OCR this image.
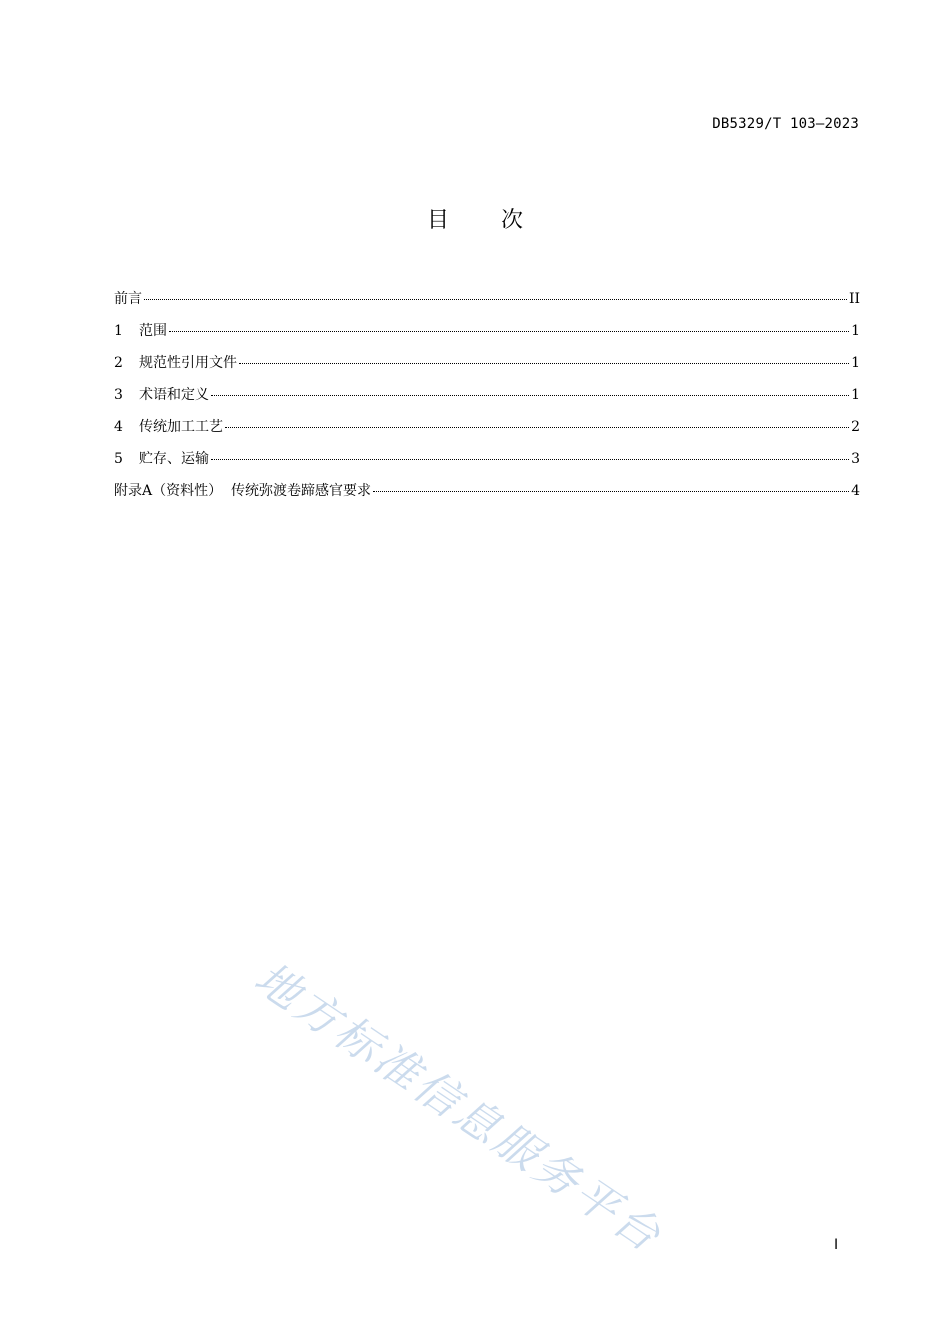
DB5329/T 103—2023
目 次
前言	II
1	范围	1
2	规范性引用文件	1
3	术语和定义	1
4	传统加工工艺	2
5	贮存、运输	3
附录A（资料性）  传统弥渡卷蹄感官要求	4
地方标准信息服务平台	I
